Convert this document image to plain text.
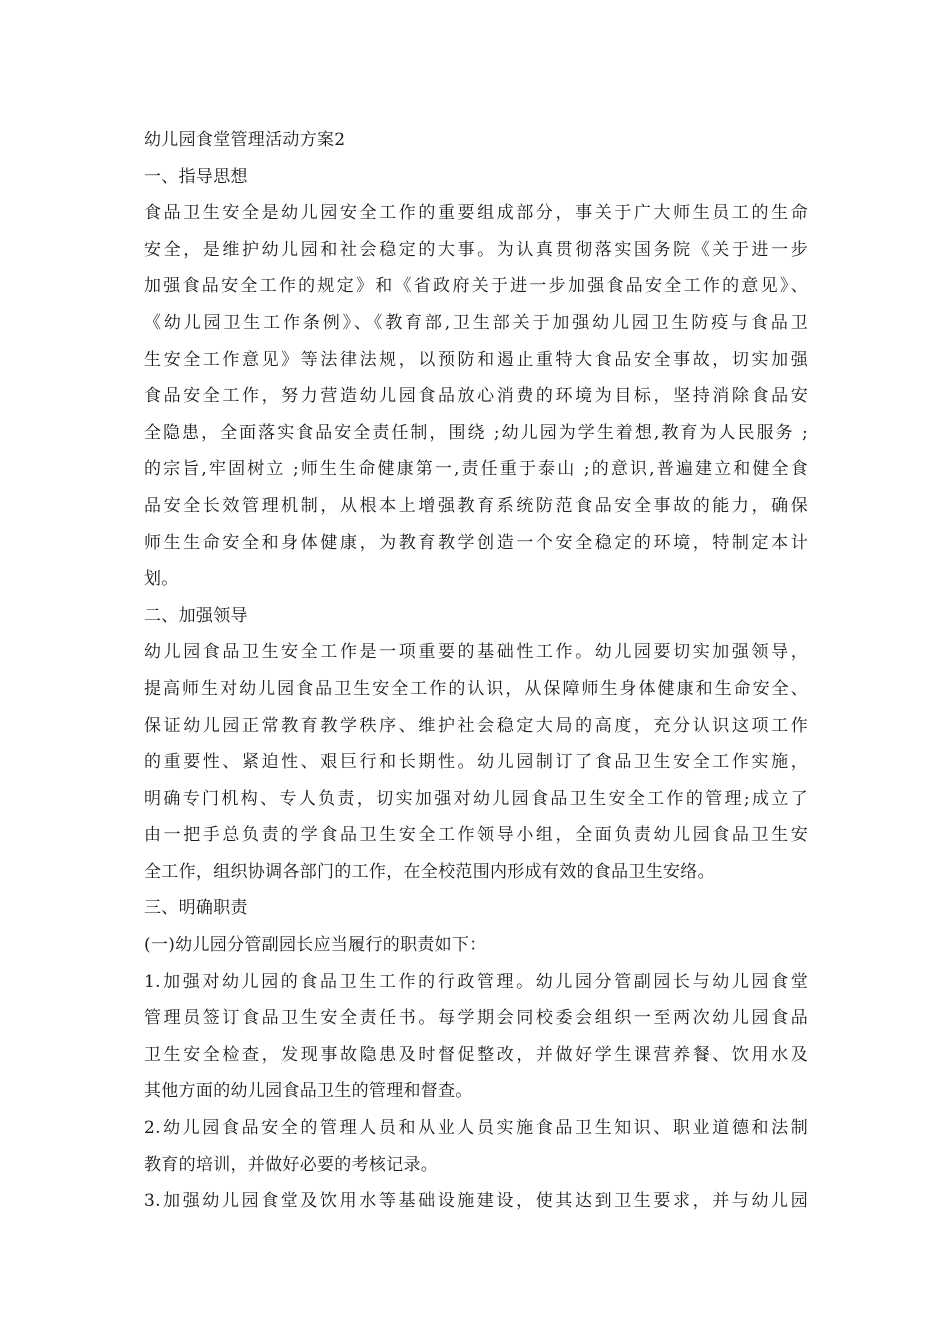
幼儿园食堂管理活动方案2
一、指导思想
食品卫生安全是幼儿园安全工作的重要组成部分，事关于广大师生员工的生命
安全，是维护幼儿园和社会稳定的大事。为认真贯彻落实国务院《关于进一步
加强食品安全工作的规定》和《省政府关于进一步加强食品安全工作的意见》、
《幼儿园卫生工作条例》、《教育部,卫生部关于加强幼儿园卫生防疫与食品卫
生安全工作意见》等法律法规，以预防和遏止重特大食品安全事故，切实加强
食品安全工作，努力营造幼儿园食品放心消费的环境为目标，坚持消除食品安
全隐患，全面落实食品安全责任制，围绕 ;幼儿园为学生着想,教育为人民服务 ;
的宗旨,牢固树立 ;师生生命健康第一,责任重于泰山 ;的意识,普遍建立和健全食
品安全长效管理机制，从根本上增强教育系统防范食品安全事故的能力，确保
师生生命安全和身体健康，为教育教学创造一个安全稳定的环境，特制定本计
划。
二、加强领导
幼儿园食品卫生安全工作是一项重要的基础性工作。幼儿园要切实加强领导，
提高师生对幼儿园食品卫生安全工作的认识，从保障师生身体健康和生命安全、
保证幼儿园正常教育教学秩序、维护社会稳定大局的高度，充分认识这项工作
的重要性、紧迫性、艰巨行和长期性。幼儿园制订了食品卫生安全工作实施，
明确专门机构、专人负责，切实加强对幼儿园食品卫生安全工作的管理;成立了
由一把手总负责的学食品卫生安全工作领导小组，全面负责幼儿园食品卫生安
全工作，组织协调各部门的工作，在全校范围内形成有效的食品卫生安络。
三、明确职责
(一)幼儿园分管副园长应当履行的职责如下：
1.加强对幼儿园的食品卫生工作的行政管理。幼儿园分管副园长与幼儿园食堂
管理员签订食品卫生安全责任书。每学期会同校委会组织一至两次幼儿园食品
卫生安全检查，发现事故隐患及时督促整改，并做好学生课营养餐、饮用水及
其他方面的幼儿园食品卫生的管理和督查。
2.幼儿园食品安全的管理人员和从业人员实施食品卫生知识、职业道德和法制
教育的培训，并做好必要的考核记录。
3.加强幼儿园食堂及饮用水等基础设施建设，使其达到卫生要求，并与幼儿园
